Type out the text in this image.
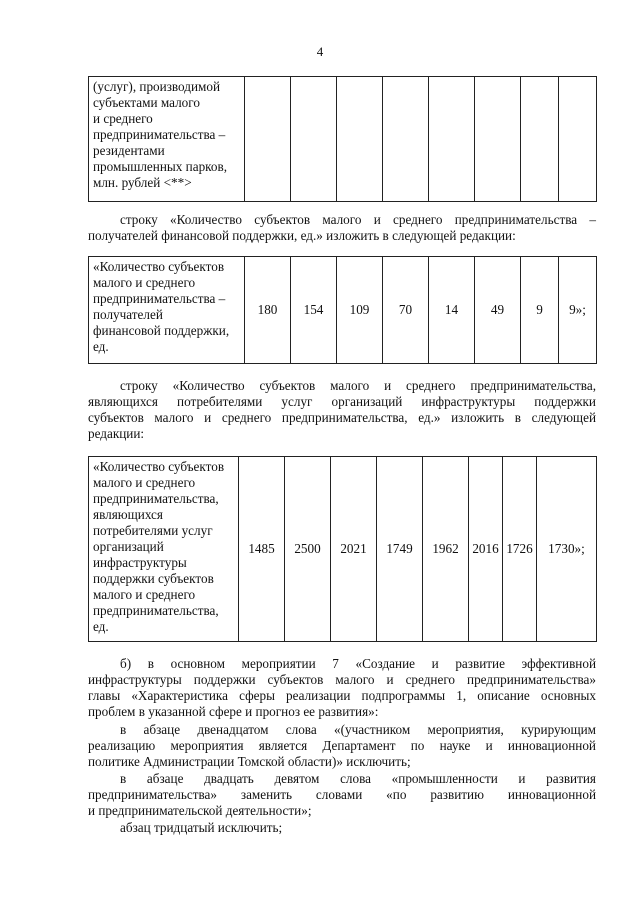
4
(услуг), производимой
субъектами малого
и среднего
предпринимательства –
резидентами
промышленных парков,
млн. рублей <**>

строку «Количество субъектов малого и среднего предпринимательства –
получателей финансовой поддержки, ед.» изложить в следующей редакции:
«Количество субъектов
малого и среднего
предпринимательства –
получателей
финансовой поддержки,
ед.
	180	154	109	70	14	49	9	9»;
строку «Количество субъектов малого и среднего предпринимательства,
являющихся потребителями услуг организаций инфраструктуры поддержки
субъектов малого и среднего предпринимательства, ед.» изложить в следующей
редакции:
«Количество субъектов
малого и среднего
предпринимательства,
являющихся
потребителями услуг
организаций
инфраструктуры
поддержки субъектов
малого и среднего
предпринимательства,
ед.
	1485	2500	2021	1749	1962	2016	1726	1730»;
б) в основном мероприятии 7 «Создание и развитие эффективной
инфраструктуры поддержки субъектов малого и среднего предпринимательства»
главы «Характеристика сферы реализации подпрограммы 1, описание основных
проблем в указанной сфере и прогноз ее развития»:
в абзаце двенадцатом слова «(участником мероприятия, курирующим
реализацию мероприятия является Департамент по науке и инновационной
политике Администрации Томской области)» исключить;
в абзаце двадцать девятом слова «промышленности и развития
предпринимательства» заменить словами «по развитию инновационной
и предпринимательской деятельности»;
абзац тридцатый исключить;
